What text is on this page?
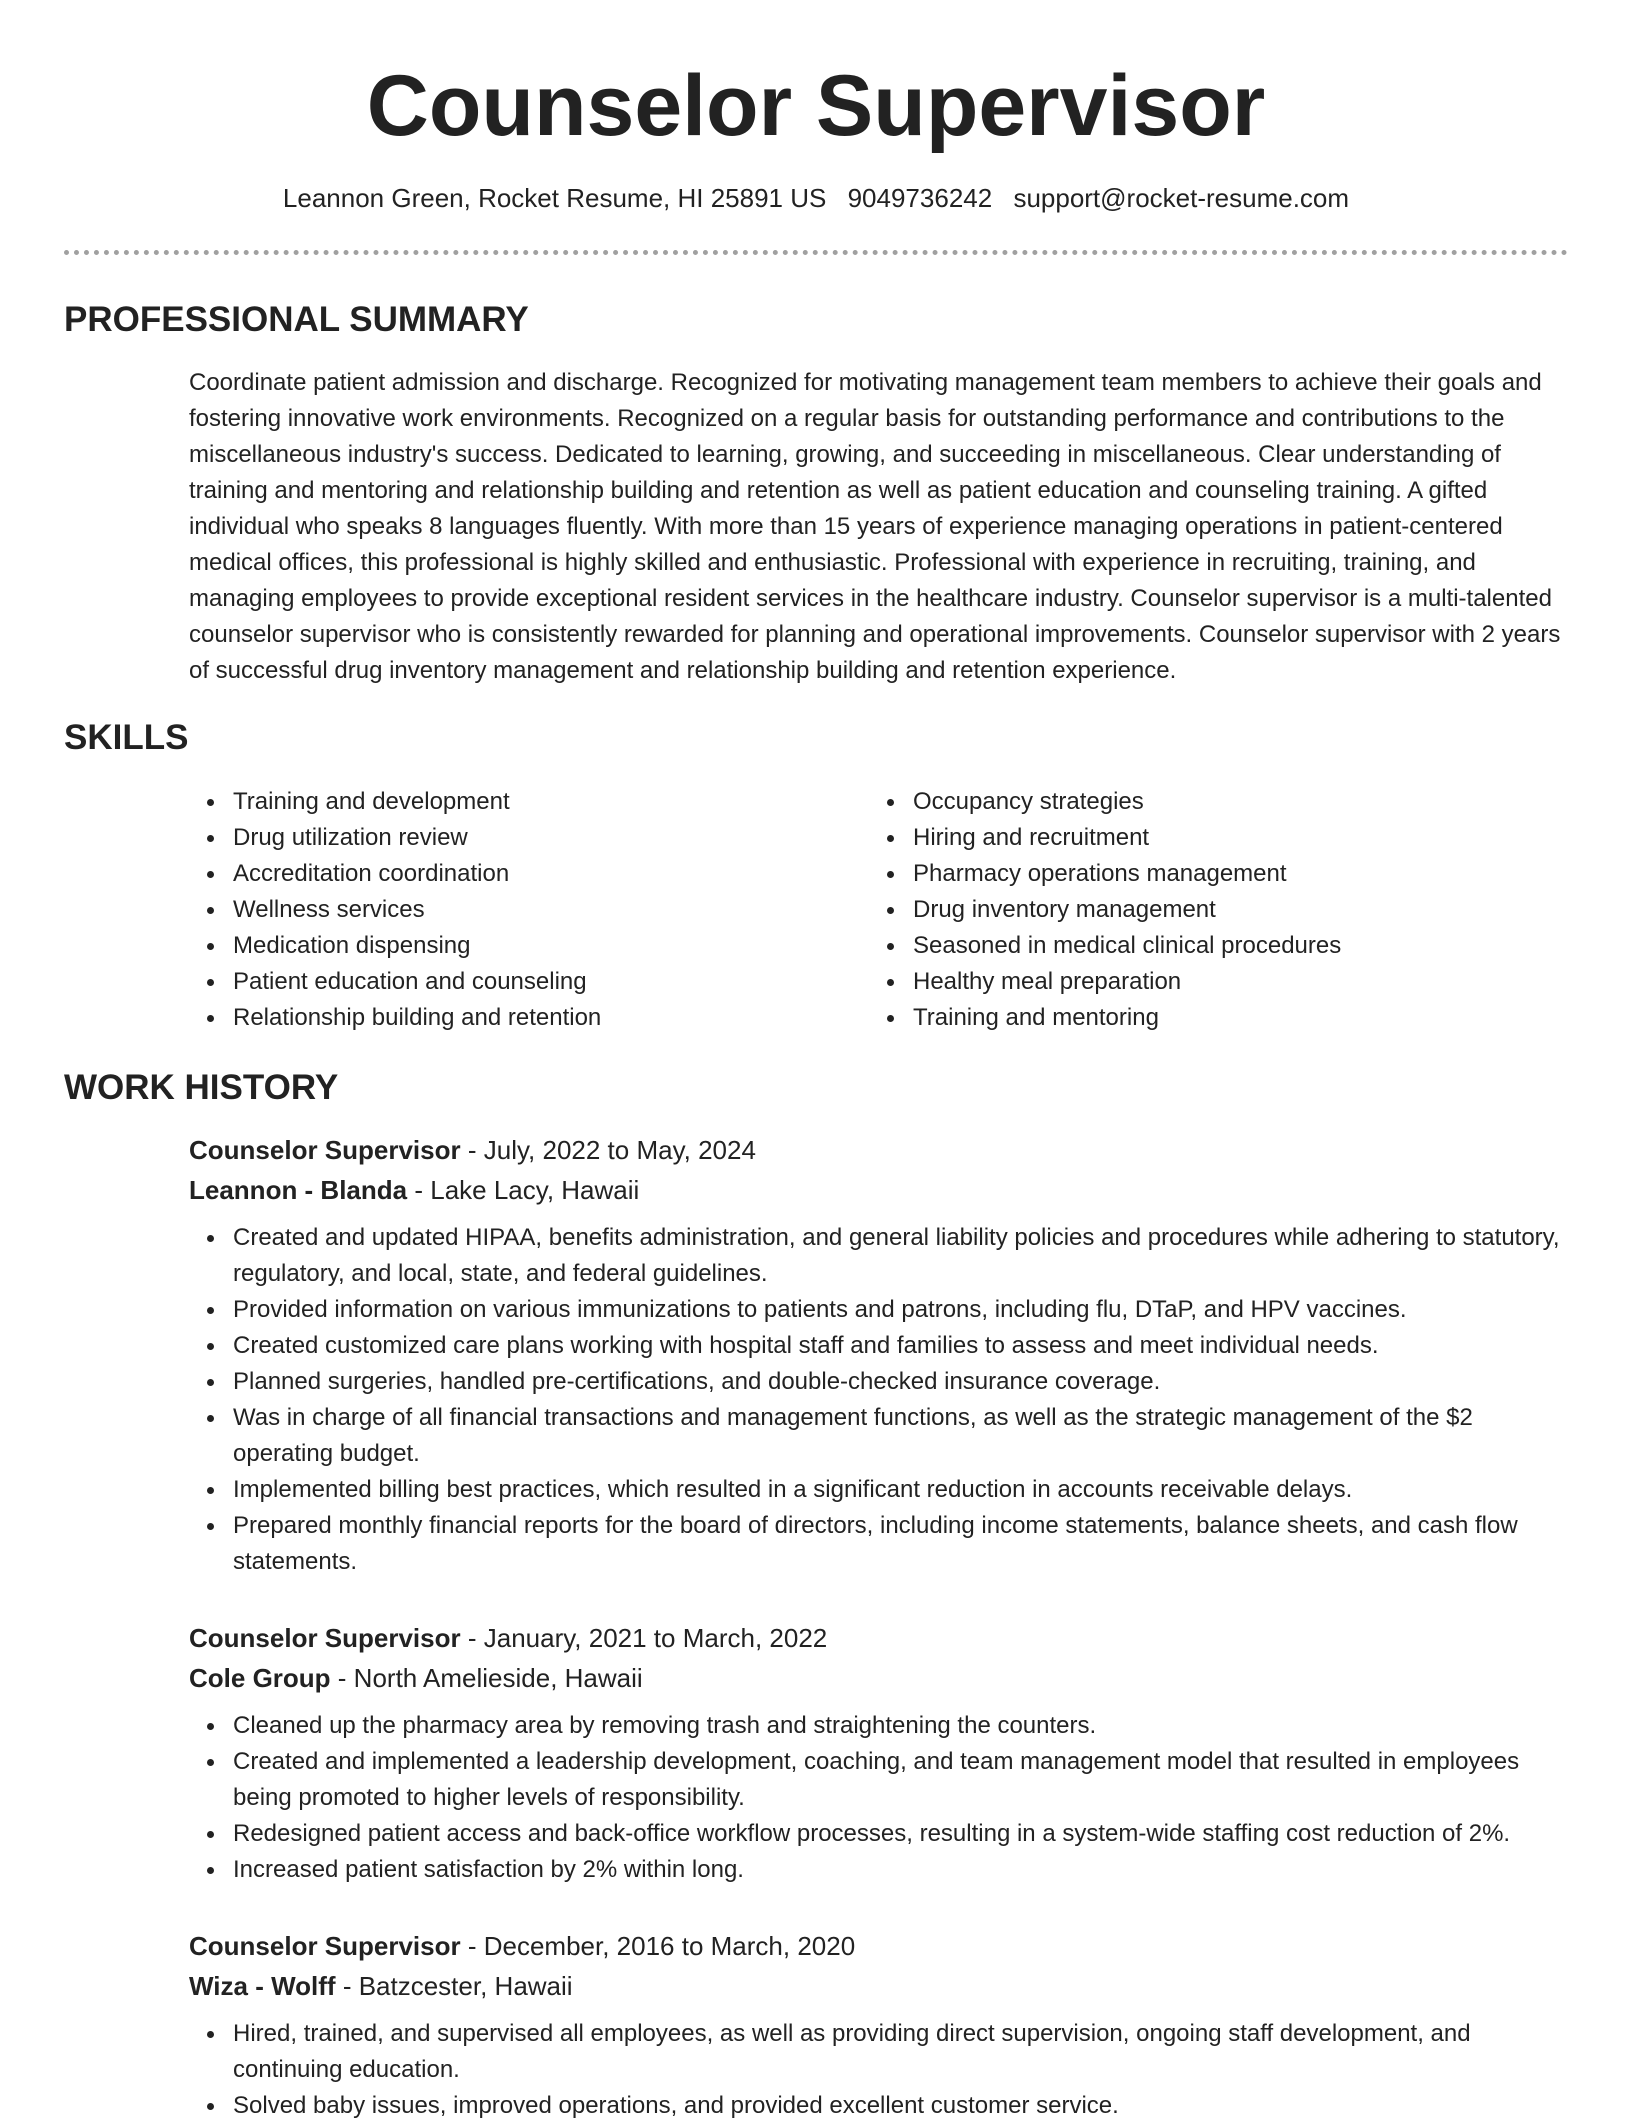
Counselor Supervisor
Leannon Green, Rocket Resume, HI 25891 US 9049736242 support@rocket-resume.com
PROFESSIONAL SUMMARY
Coordinate patient admission and discharge. Recognized for motivating management team members to achieve their goals and fostering innovative work environments. Recognized on a regular basis for outstanding performance and contributions to the miscellaneous industry's success. Dedicated to learning, growing, and succeeding in miscellaneous. Clear understanding of training and mentoring and relationship building and retention as well as patient education and counseling training. A gifted individual who speaks 8 languages fluently. With more than 15 years of experience managing operations in patient-centered medical offices, this professional is highly skilled and enthusiastic. Professional with experience in recruiting, training, and managing employees to provide exceptional resident services in the healthcare industry. Counselor supervisor is a multi-talented counselor supervisor who is consistently rewarded for planning and operational improvements. Counselor supervisor with 2 years of successful drug inventory management and relationship building and retention experience.
SKILLS
Training and development
Drug utilization review
Accreditation coordination
Wellness services
Medication dispensing
Patient education and counseling
Relationship building and retention
Occupancy strategies
Hiring and recruitment
Pharmacy operations management
Drug inventory management
Seasoned in medical clinical procedures
Healthy meal preparation
Training and mentoring
WORK HISTORY
Counselor Supervisor - July, 2022 to May, 2024
Leannon - Blanda - Lake Lacy, Hawaii
Created and updated HIPAA, benefits administration, and general liability policies and procedures while adhering to statutory, regulatory, and local, state, and federal guidelines.
Provided information on various immunizations to patients and patrons, including flu, DTaP, and HPV vaccines.
Created customized care plans working with hospital staff and families to assess and meet individual needs.
Planned surgeries, handled pre-certifications, and double-checked insurance coverage.
Was in charge of all financial transactions and management functions, as well as the strategic management of the $2 operating budget.
Implemented billing best practices, which resulted in a significant reduction in accounts receivable delays.
Prepared monthly financial reports for the board of directors, including income statements, balance sheets, and cash flow statements.
Counselor Supervisor - January, 2021 to March, 2022
Cole Group - North Amelieside, Hawaii
Cleaned up the pharmacy area by removing trash and straightening the counters.
Created and implemented a leadership development, coaching, and team management model that resulted in employees being promoted to higher levels of responsibility.
Redesigned patient access and back-office workflow processes, resulting in a system-wide staffing cost reduction of 2%.
Increased patient satisfaction by 2% within long.
Counselor Supervisor - December, 2016 to March, 2020
Wiza - Wolff - Batzcester, Hawaii
Hired, trained, and supervised all employees, as well as providing direct supervision, ongoing staff development, and continuing education.
Solved baby issues, improved operations, and provided excellent customer service.
